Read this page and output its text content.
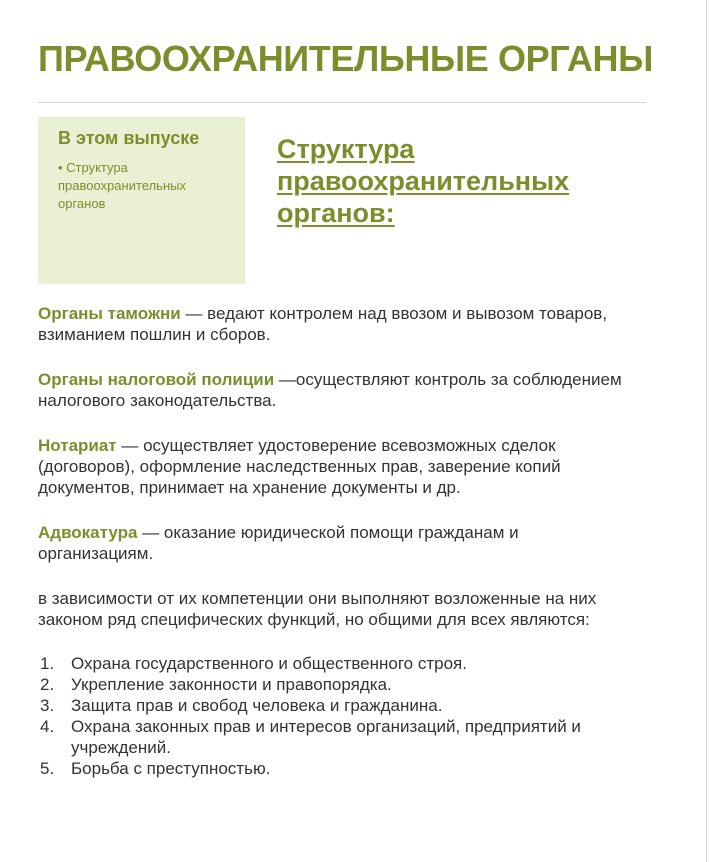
ПРАВООХРАНИТЕЛЬНЫЕ ОРГАНЫ

В этом выпуске

• Структура правоохранительных органов

Структура правоохранительных органов:

Органы таможни — ведают контролем над ввозом и вывозом товаров, взиманием пошлин и сборов.

Органы налоговой полиции —осуществляют контроль за соблюдением налогового законодательства.

Нотариат — осуществляет удостоверение всевозможных сделок (договоров), оформление наследственных прав, заверение копий документов, принимает на хранение документы и др.

Адвокатура — оказание юридической помощи гражданам и организациям.

в зависимости от их компетенции они выполняют возложенные на них законом ряд специфических функций, но общими для всех являются:

1. Охрана государственного и общественного строя.
2. Укрепление законности и правопорядка.
3. Защита прав и свобод человека и гражданина.
4. Охрана законных прав и интересов организаций, предприятий и учреждений.
5. Борьба с преступностью.
